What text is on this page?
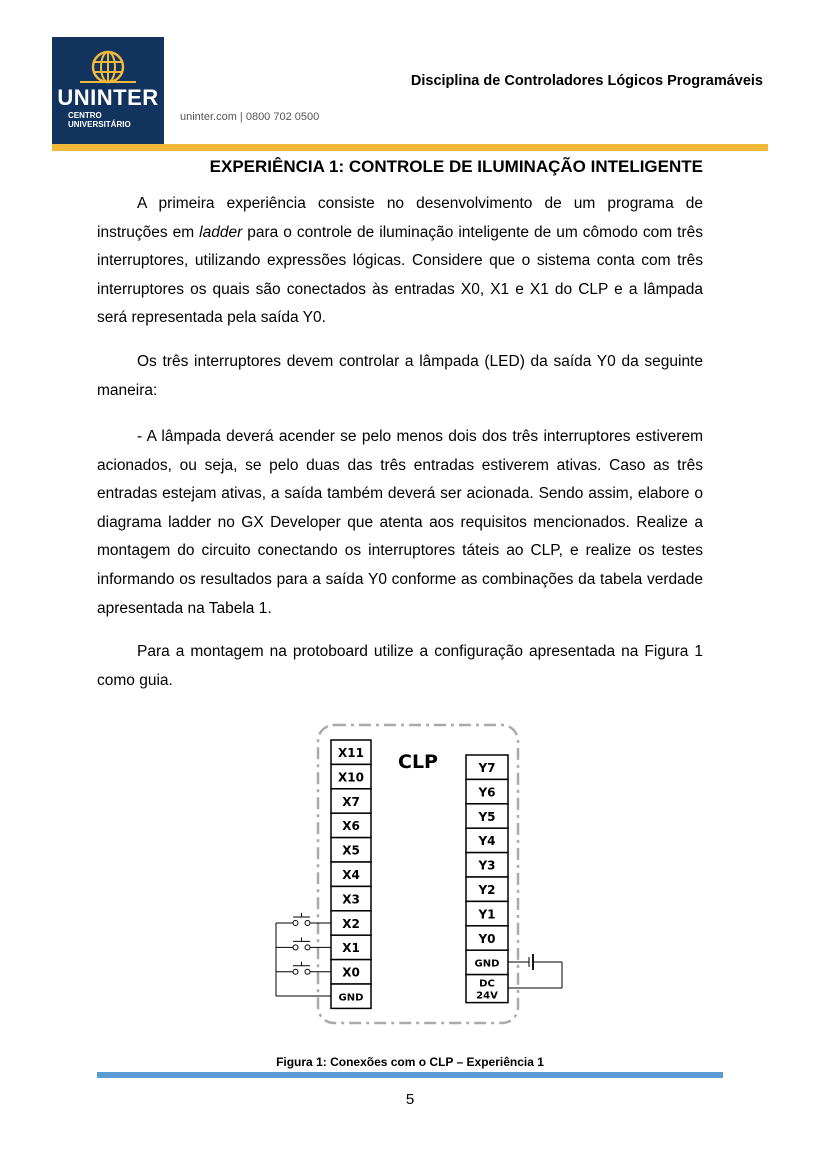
UNINTER
CENTRO
UNIVERSITÁRIO
uninter.com | 0800 702 0500
Disciplina de Controladores Lógicos Programáveis
EXPERIÊNCIA 1: CONTROLE DE ILUMINAÇÃO INTELIGENTE

A primeira experiência consiste no desenvolvimento de um programa de instruções em ladder para o controle de iluminação inteligente de um cômodo com três interruptores, utilizando expressões lógicas. Considere que o sistema conta com três interruptores os quais são conectados às entradas X0, X1 e X1 do CLP e a lâmpada será representada pela saída Y0.

Os três interruptores devem controlar a lâmpada (LED) da saída Y0 da seguinte maneira:

- A lâmpada deverá acender se pelo menos dois dos três interruptores estiverem acionados, ou seja, se pelo duas das três entradas estiverem ativas. Caso as três entradas estejam ativas, a saída também deverá ser acionada. Sendo assim, elabore o diagrama ladder no GX Developer que atenta aos requisitos mencionados. Realize a montagem do circuito conectando os interruptores táteis ao CLP, e realize os testes informando os resultados para a saída Y0 conforme as combinações da tabela verdade apresentada na Tabela 1.

Para a montagem na protoboard utilize a configuração apresentada na Figura 1 como guia.

CLP
X11
X10
X7
X6
X5
X4
X3
X2
X1
X0
GND
Y7
Y6
Y5
Y4
Y3
Y2
Y1
Y0
GND
DC
24V
Figura 1: Conexões com o CLP – Experiência 1
5
